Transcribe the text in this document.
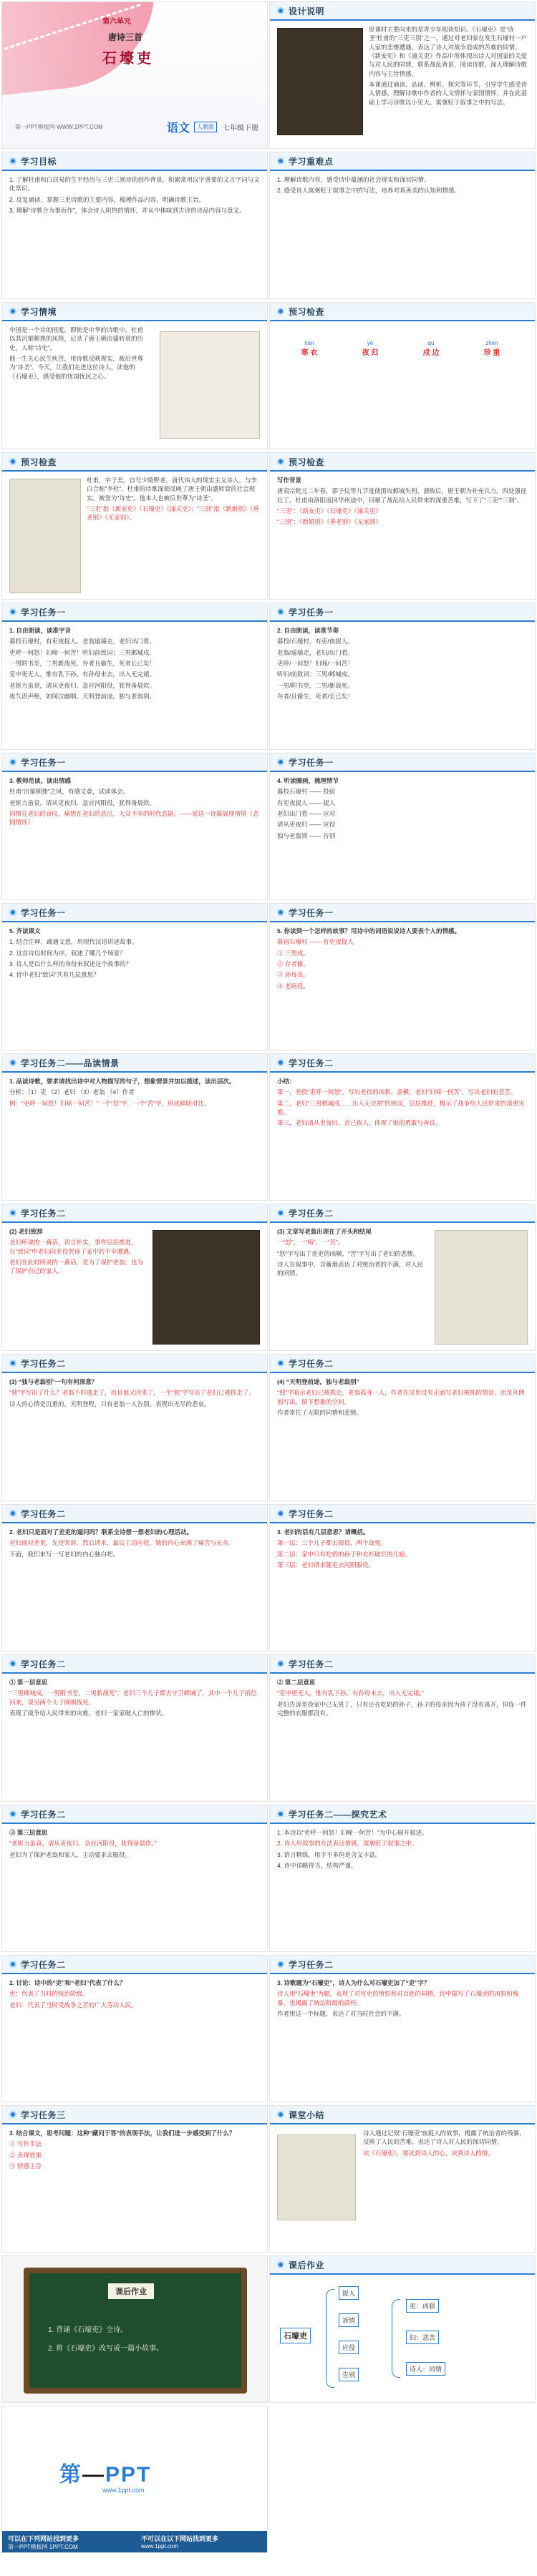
第六单元
唐诗三首
石壕吏
第一PPT模板网-WWW.1PPT.COM	语文	人教版	七年级下册
设计说明
原课时主要向来的是青少年阅读知识。《石壕吏》是“诗圣”杜甫的“三吏三别”之一，通过对老妇家在发生石壕村一户人家的悲惨遭遇，表达了诗人对战争造成的苦难的同情。《新安吏》和《潼关吏》作品中所体现出诗人对国家的关爱与对人民的同情，联系战乱背景，阅读诗歌，深入理解诗歌内容与主旨情感。
本课通过诵读、品读、辨析、探究等环节，引导学生感受诗人情感，理解诗歌中作者的人文情怀与家国情怀，并在此基础上学习诗歌以小见大、寓褒贬于叙事之中的写法。
学习目标
1. 了解杜甫和白居易的生平经历与三吏三别诗的创作背景，积累常用汉字重要的文言字词与文化常识。
2. 反复诵读，掌握三吏诗歌的主要内容，梳理作品内容，明确诗歌主旨。
3. 理解“诗歌合为事而作”，体会诗人炽热的情怀，并从中体味到古诗的诗品内容与意义。
学习重难点
1. 理解诗歌内容，感受诗中蕴涵的社会现实和深切同情。
2. 感受诗人寓褒贬于叙事之中的写法，培养对真善美的认知和情感。
学习情境
中国是一个诗的国度，即使是中华的诗歌中，杜甫以其沉郁顿挫的风格，记录了唐王朝由盛转衰的历史，人称“诗史”。
他一生关心民生疾苦，用诗歌反映现实，被后世尊为“诗圣”。今天，让我们走进这位诗人，读他的《石壕吏》，感受他的忧国忧民之心。
预习检查
hán
寒 衣
yè
夜 归
qú
戍 边
zhēn
珍 重
预习检查
杜甫，字子美，自号少陵野老，唐代伟大的现实主义诗人，与李白合称“李杜”。杜甫的诗歌深刻反映了唐王朝由盛转衰的社会现实，被誉为“诗史”。他本人也被后世尊为“诗圣”。
“三吏”指《新安吏》《石壕吏》《潼关吏》；“三别”指《新婚别》《垂老别》《无家别》。
预习检查
写作背景
唐肃宗乾元二年春，郭子仪等九节度使围攻邺城失利，溃败后，唐王朝为补充兵力，四处强征壮丁。杜甫由洛阳返回华州途中，目睹了战乱给人民带来的深重苦难，写下了“三吏”“三别”。
“三吏”：《新安吏》《石壕吏》《潼关吏》
“三别”：《新婚别》《垂老别》《无家别》
学习任务一
1. 自由朗读，读准字音
暮投石壕村，有吏夜捉人。老翁逾墙走，老妇出门看。
吏呼一何怒！妇啼一何苦！听妇前致词：三男邺城戍。
一男附书至，二男新战死。存者且偷生，死者长已矣！
室中更无人，惟有乳下孙。有孙母未去，出入无完裙。
老妪力虽衰，请从吏夜归。急应河阳役，犹得备晨炊。
夜久语声绝，如闻泣幽咽。天明登前途，独与老翁别。
学习任务一
2. 自由朗读，读准节奏
暮投/石壕村，有吏/夜捉人。
老翁/逾墙走，老妇/出门看。
吏呼/一何怒！妇啼/一何苦！
听妇/前致词：三男/邺城戍。
一男/附书至，二男/新战死。
存者/且偷生，死者/长已矣！
学习任务一
3. 教师范读，读出情感
杜甫“沉郁顿挫”之风，有感文意，试读体会。
老妪力虽衰，请从吏夜归。急应河阳役，犹得备晨炊。
同情在老妇的哀叹，痛惜在老妇的悲泣，大众不幸的时代悲剧。——说这一诗篇展现情境（悲悯情怀）
学习任务一
4. 听读圈画，梳理情节
暮投石壕村 —— 投宿
有吏夜捉人 —— 捉人
老妇出门看 —— 应对
请从吏夜归 —— 应役
独与老翁别 —— 告别
学习任务一
5. 齐读课文
1. 结合注释，疏通文意，用现代汉语讲述故事。
2. 这首诗以时间为序，叙述了哪几个场景？
3. 诗人是以什么样的身份来叙述这个故事的？
4. 诗中老妇“致词”共有几层意思？
学习任务一
5. 你读到一个怎样的故事？用诗中的词语说说诗人要表个人的情感。
暮宿石壕村 —— 有吏夜捉人
① 三男戍。
② 存者偷。
③ 孙母出。
④ 老妪役。
学习任务二——品读情景
1. 品读诗歌，要求请找出诗中对人物描写的句子，想象情景并加以描述，读出层次。
分析：（1）吏 （2）老妇 （3）老翁 （4）作者
例：“吏呼一何怒！妇啼一何苦！”一个“怒”字，一个“苦”字，形成鲜明对比。
学习任务二
小结：
第一，差役“吏呼一何怒”，写出差役的凶狠、蛮横；老妇“妇啼一何苦”，写出老妇的悲苦。
第二，老妇“三男邺城戍……出入无完裙”的致词，层层推进，揭示了战争给人民带来的深重灾难。
第三，老妇请从吏夜归，舍己救人，体现了她的勇敢与善良。
学习任务二
(2) 老妇致辞
老妇所说的一番话，语言朴实，事件层层推进，在“致词”中老妇向差役哭诉了家中的不幸遭遇。
老妇在此时所说的一番话，是为了保护老翁，也为了保护自己的家人。
学习任务二
(3) 文章写老翁出现在了开头和结尾
一“怒”，一“啼”，一“苦”。
“怒”字写出了差吏的凶横，“苦”字写出了老妇的悲惨。
诗人在叙事中，含蓄地表达了对统治者的不满，对人民的同情。
学习任务二
(3) “独与老翁别”一句有何深意？
“独”字写出了什么？老翁不但逃走了，而且他又回来了，一个“独”字写出了老妇已被抓走了。
诗人的心情是沉重的。天明登程，只有老翁一人告别，表现出无尽的悲哀。
学习任务二
(4) “天明登前途，独与老翁别”
“独”字暗示老妇已被抓走，老翁孤身一人，作者在这里没有正面写老妇被抓的情景，而是从侧面写出，留下想象的空间。
作者寄托了无限的同情和悲愤。
学习任务二
2. 老妇只是面对了差吏的逼问吗？联系全诗想一想老妇的心理活动。
老妇面对差吏，先是哭诉，然后请求，最后主动应役，她的内心充满了痛苦与无奈。
下面，我们来写一写老妇的内心独白吧。
学习任务二
3. 老妇的话有几层意思？请概括。
第一层：三个儿子都去服役，两个战死。
第二层：家中只有吃奶的孙子和衣衫破烂的儿媳。
第三层：老妇请求随吏去河阳服役。
学习任务二
① 第一层意思
“三男邺城戍，一男附书至，二男新战死”：老妇三个儿子都去守卫邺城了，其中一个儿子捎信回来，说另两个儿子刚刚战死。
表现了战争给人民带来的灾难，老妇一家家破人亡的惨状。
学习任务二
② 第二层意思
“室中更无人，惟有乳下孙。有孙母未去，出入无完裙。”
老妇告诉差役家中已无男丁，只有还在吃奶的孙子，孙子的母亲因为孩子没有离开，但连一件完整的衣服都没有。
学习任务二
③ 第三层意思
“老妪力虽衰，请从吏夜归。急应河阳役，犹得备晨炊。”
老妇为了保护老翁和家人，主动要求去服役。
学习任务二——探究艺术
1. 本诗以“吏呼一何怒！妇啼一何苦！”为中心展开叙述。
2. 诗人用叙事的方法表达情感，寓褒贬于叙事之中。
3. 语言精练，用字不多但是含义丰富。
4. 诗中详略得当，结构严谨。
学习任务二
2. 讨论：诗中的“吏”和“老妇”代表了什么？
吏：代表了当时的统治阶级。
老妇：代表了当时受战争之苦的广大劳动人民。
学习任务二
3. 诗歌题为“石壕吏”，诗人为什么对石壕吏加了“吏”字？
诗人用“石壕吏”为题，表现了对官吏的愤恨和对百姓的同情。诗中描写了石壕吏的凶狠和残暴，也揭露了统治阶级的腐朽。
作者用这一个标题，表达了对当时社会的不满。
学习任务三
3. 结合课文，思考问题：这种“藏问于答”的表现手法，让我们进一步感受到了什么？
① 写作手法
② 表现效果
③ 情感主旨
课堂小结
诗人通过记叙“石壕吏”夜捉人的故事，揭露了统治者的残暴，反映了人民的苦难，表达了诗人对人民的深切同情。
读《石壕吏》，要读到诗人的心，读到诗人的情。
课后作业
1. 背诵《石壕吏》全诗。
2. 将《石壕吏》改写成一篇小故事。
课后作业
石壕吏
捉人
诉情
应役
告别
吏：凶狠
妇：悲苦
诗人：同情
第—PPT
www.1ppt.com
可以在下列网站找到更多
第一PPT模板网 1PPT.COM
不可以在以下网站找到更多
www.1ppt.com
